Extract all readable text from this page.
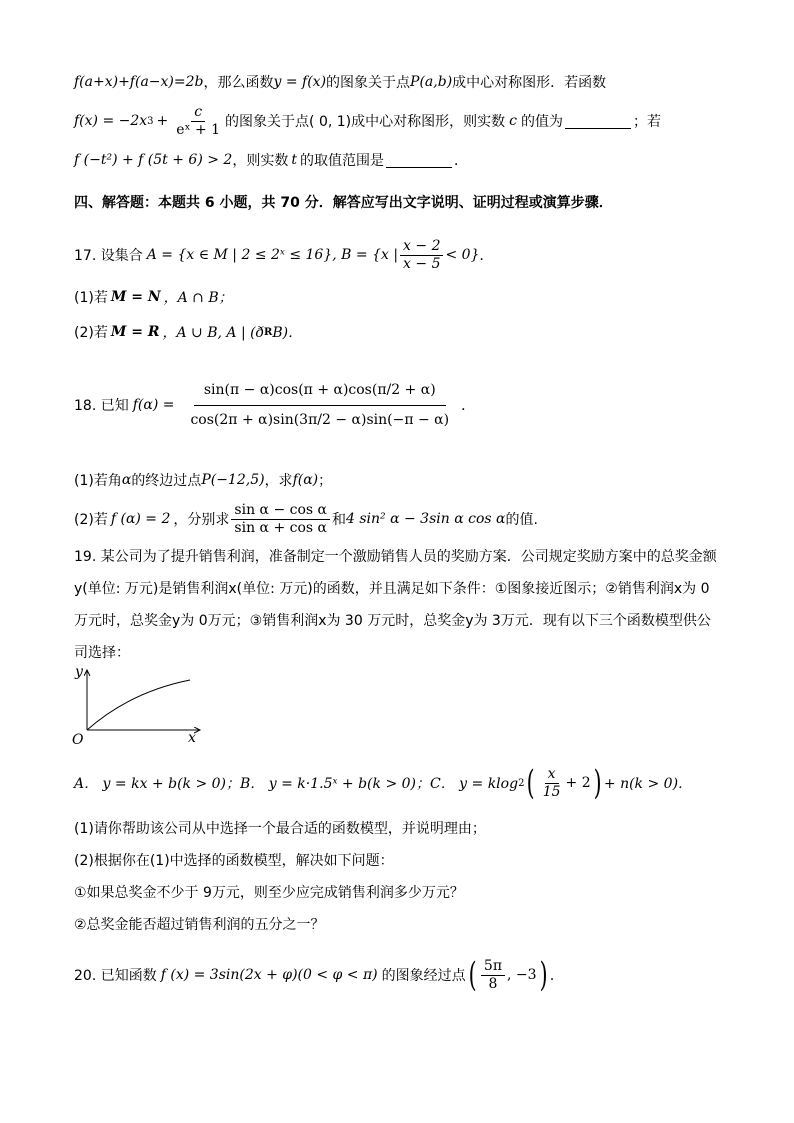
f(a+x)+f(a−x)=2b ，那么函数 y = f(x) 的图象关于点 P(a,b) 成中心对称图形．若函数
f(x) = −2x $3 + \frac{c}{\text{eˣ + 1}}$ 的图象关于点( 0, 1)成中心对称图形，则实数 c 的值为	；若
f (−t²) + f (5t + 6) > 2 ，则实数 t 的取值范围是	．
四、解答题：本题共 6 小题，共 70 分．解答应写出文字说明、证明过程或演算步骤．
17. 设集合 A = {x ∈ M | 2 ≤ 2ˣ ≤ 16}, B = {x | $\frac{x - 2}{x - 5} < 0$} ．
(1)若 M = N ，A ∩ B；
(2)若 M = R ，A ∪ B, A | (ð R B)．
18. 已知 $f(\alpha) = \frac{\sin(\pi - \alpha)\cos(\pi + \alpha)\cos(\pi/2 + \alpha)}{\cos(2\pi + \alpha)\sin(3\pi/2 - \alpha)\sin(-\pi - \alpha)}$ ．
(1)若角 α 的终边过点 P(−12,5) ，求 f(α) ；
(2)若 f (α) = 2 ，分别求 $\frac{\text{sin α − cos α}}{\text{sin α + cos α}}$ 和 4 sin² α − 3sin α cos α 的值.
19. 某公司为了提升销售利润，准备制定一个激励销售人员的奖励方案．公司规定奖励方案中的总奖金额
y(单位: 万元)是销售利润x(单位: 万元)的函数，并且满足如下条件：①图象接近图示；②销售利润x为 0
万元时，总奖金y为 0万元；③销售利润x为 30 万元时，总奖金y为 3万元．现有以下三个函数模型供公
司选择：
y
x
O
A． y = kx + b(k > 0)；B． y = k·1.5ˣ + b(k > 0)；C． y = klog 2 ( $\frac{x}{15} + 2$ ) + n(k > 0)．
(1)请你帮助该公司从中选择一个最合适的函数模型，并说明理由；
(2)根据你在(1)中选择的函数模型，解决如下问题：
①如果总奖金不少于 9万元，则至少应完成销售利润多少万元？
②总奖金能否超过销售利润的五分之一？
20. 已知函数 f (x) = 3sin(2x + φ)(0 < φ < π) 的图象经过点 ( $\frac{5\pi}{8}$ , −3 ) ．
